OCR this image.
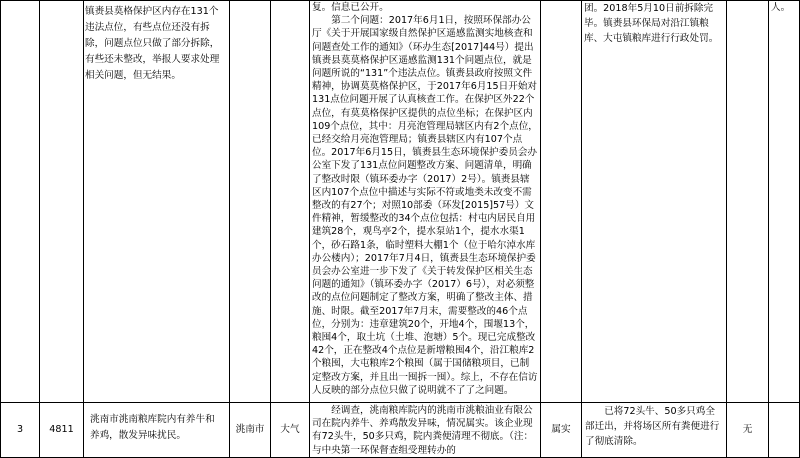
镇赉县莫格保护区内存在131个违法点位，有些点位还没有拆除，问题点位只做了部分拆除，有些还未整改，举报人要求处理相关问题，但无结果。
复。信息已公开。
第二个问题：2017年6月1日，按照环保部办公厅《关于开展国家级自然保护区遥感监测实地核查和问题查处工作的通知》（环办生态[2017]44号）提出镇赉县莫莫格保护区遥感监测131个问题点位，就是问题所说的“131”个违法点位。镇赉县政府按照文件精神，协调莫莫格保护区，于2017年6月15日开始对131点位问题开展了认真核查工作。在保护区外22个点位，有莫莫格保护区提供的点位坐标；在保护区内109个点位，其中：月亮泡管理局辖区内有2个点位，已经交给月亮泡管理局；镇赉县辖区内有107个点位。2017年6月15日，镇赉县生态环境保护委员会办公室下发了131点位问题整改方案、问题清单，明确了整改时限（镇环委办字（2017）2号）。镇赉县辖区内107个点位中描述与实际不符或地类未改变不需整改的有27个；对照10部委（环发[2015]57号）文件精神，暂缓整改的34个点位包括：村屯内居民自用建筑28个，观鸟亭2个，提水泵站1个，提水水渠1个，砂石路1条，临时塑料大棚1个（位于哈尔淖水库办公楼内）；2017年7月4日，镇赉县生态环境保护委员会办公室进一步下发了《关于转发保护区相关生态问题的通知》（镇环委办字（2017）6号），对必须整改的点位问题制定了整改方案，明确了整改主体、措施、时限。截至2017年7月末，需要整改的46个点位，分别为：违章建筑20个，开地4个，围堰13个，粮囤4个，取土坑（土堆、泡塘）5个。现已完成整改42个，正在整改4个点位是新增粮囤4个，沿江粮库2个粮囤，大屯粮库2个粮囤（属于国储粮项目，已制定整改方案，并且出一囤拆一囤）。综上，不存在信访人反映的部分点位只做了说明就不了了之问题。
团。2018年5月10日前拆除完毕。镇赉县环保局对沿江镇粮库、大屯镇粮库进行行政处罚。
人。
3	4811
洮南市洮南粮库院内有养牛和养鸡，散发异味扰民。
洮南市	大气
经调查，洮南粮库院内的洮南市洮粮油业有限公司在院内养牛、养鸡散发异味，情况属实。该企业现有72头牛，50多只鸡，院内粪便清理不彻底。（注：与中央第一环保督查组受理转办的
属实
已将72头牛、50多只鸡全部迁出，并将场区所有粪便进行了彻底清除。
无
